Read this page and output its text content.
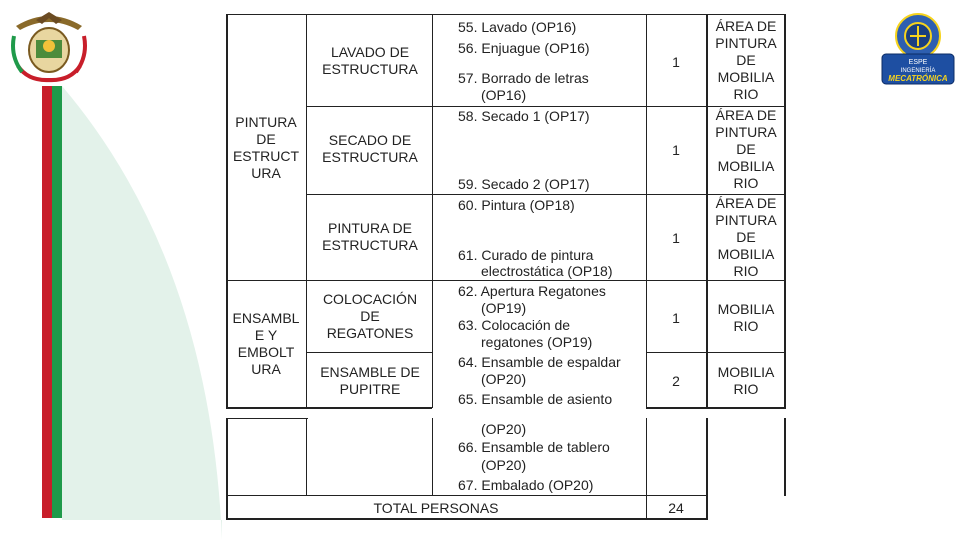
ESPE
INGENIERÍA
MECATRÓNICA
PINTURA
DE
ESTRUCT
URA
ENSAMBL
E Y
EMBOLT
URA
LAVADO DE
ESTRUCTURA
SECADO DE
ESTRUCTURA
PINTURA DE
ESTRUCTURA
COLOCACIÓN
DE
REGATONES
ENSAMBLE DE
PUPITRE
55. Lavado (OP16)
56. Enjuague (OP16)
57. Borrado de letras
(OP16)
58. Secado 1 (OP17)
59. Secado 2 (OP17)
60. Pintura (OP18)
61. Curado de pintura
electrostática (OP18)
62. Apertura Regatones
(OP19)
63. Colocación de
regatones (OP19)
64. Ensamble de espaldar
(OP20)
65. Ensamble de asiento
(OP20)
66. Ensamble de tablero
(OP20)
67. Embalado (OP20)
1
1
1
1
2
ÁREA DE
PINTURA
DE
MOBILIA
RIO
ÁREA DE
PINTURA
DE
MOBILIA
RIO
ÁREA DE
PINTURA
DE
MOBILIA
RIO
MOBILIA
RIO
MOBILIA
RIO
TOTAL PERSONAS	24
